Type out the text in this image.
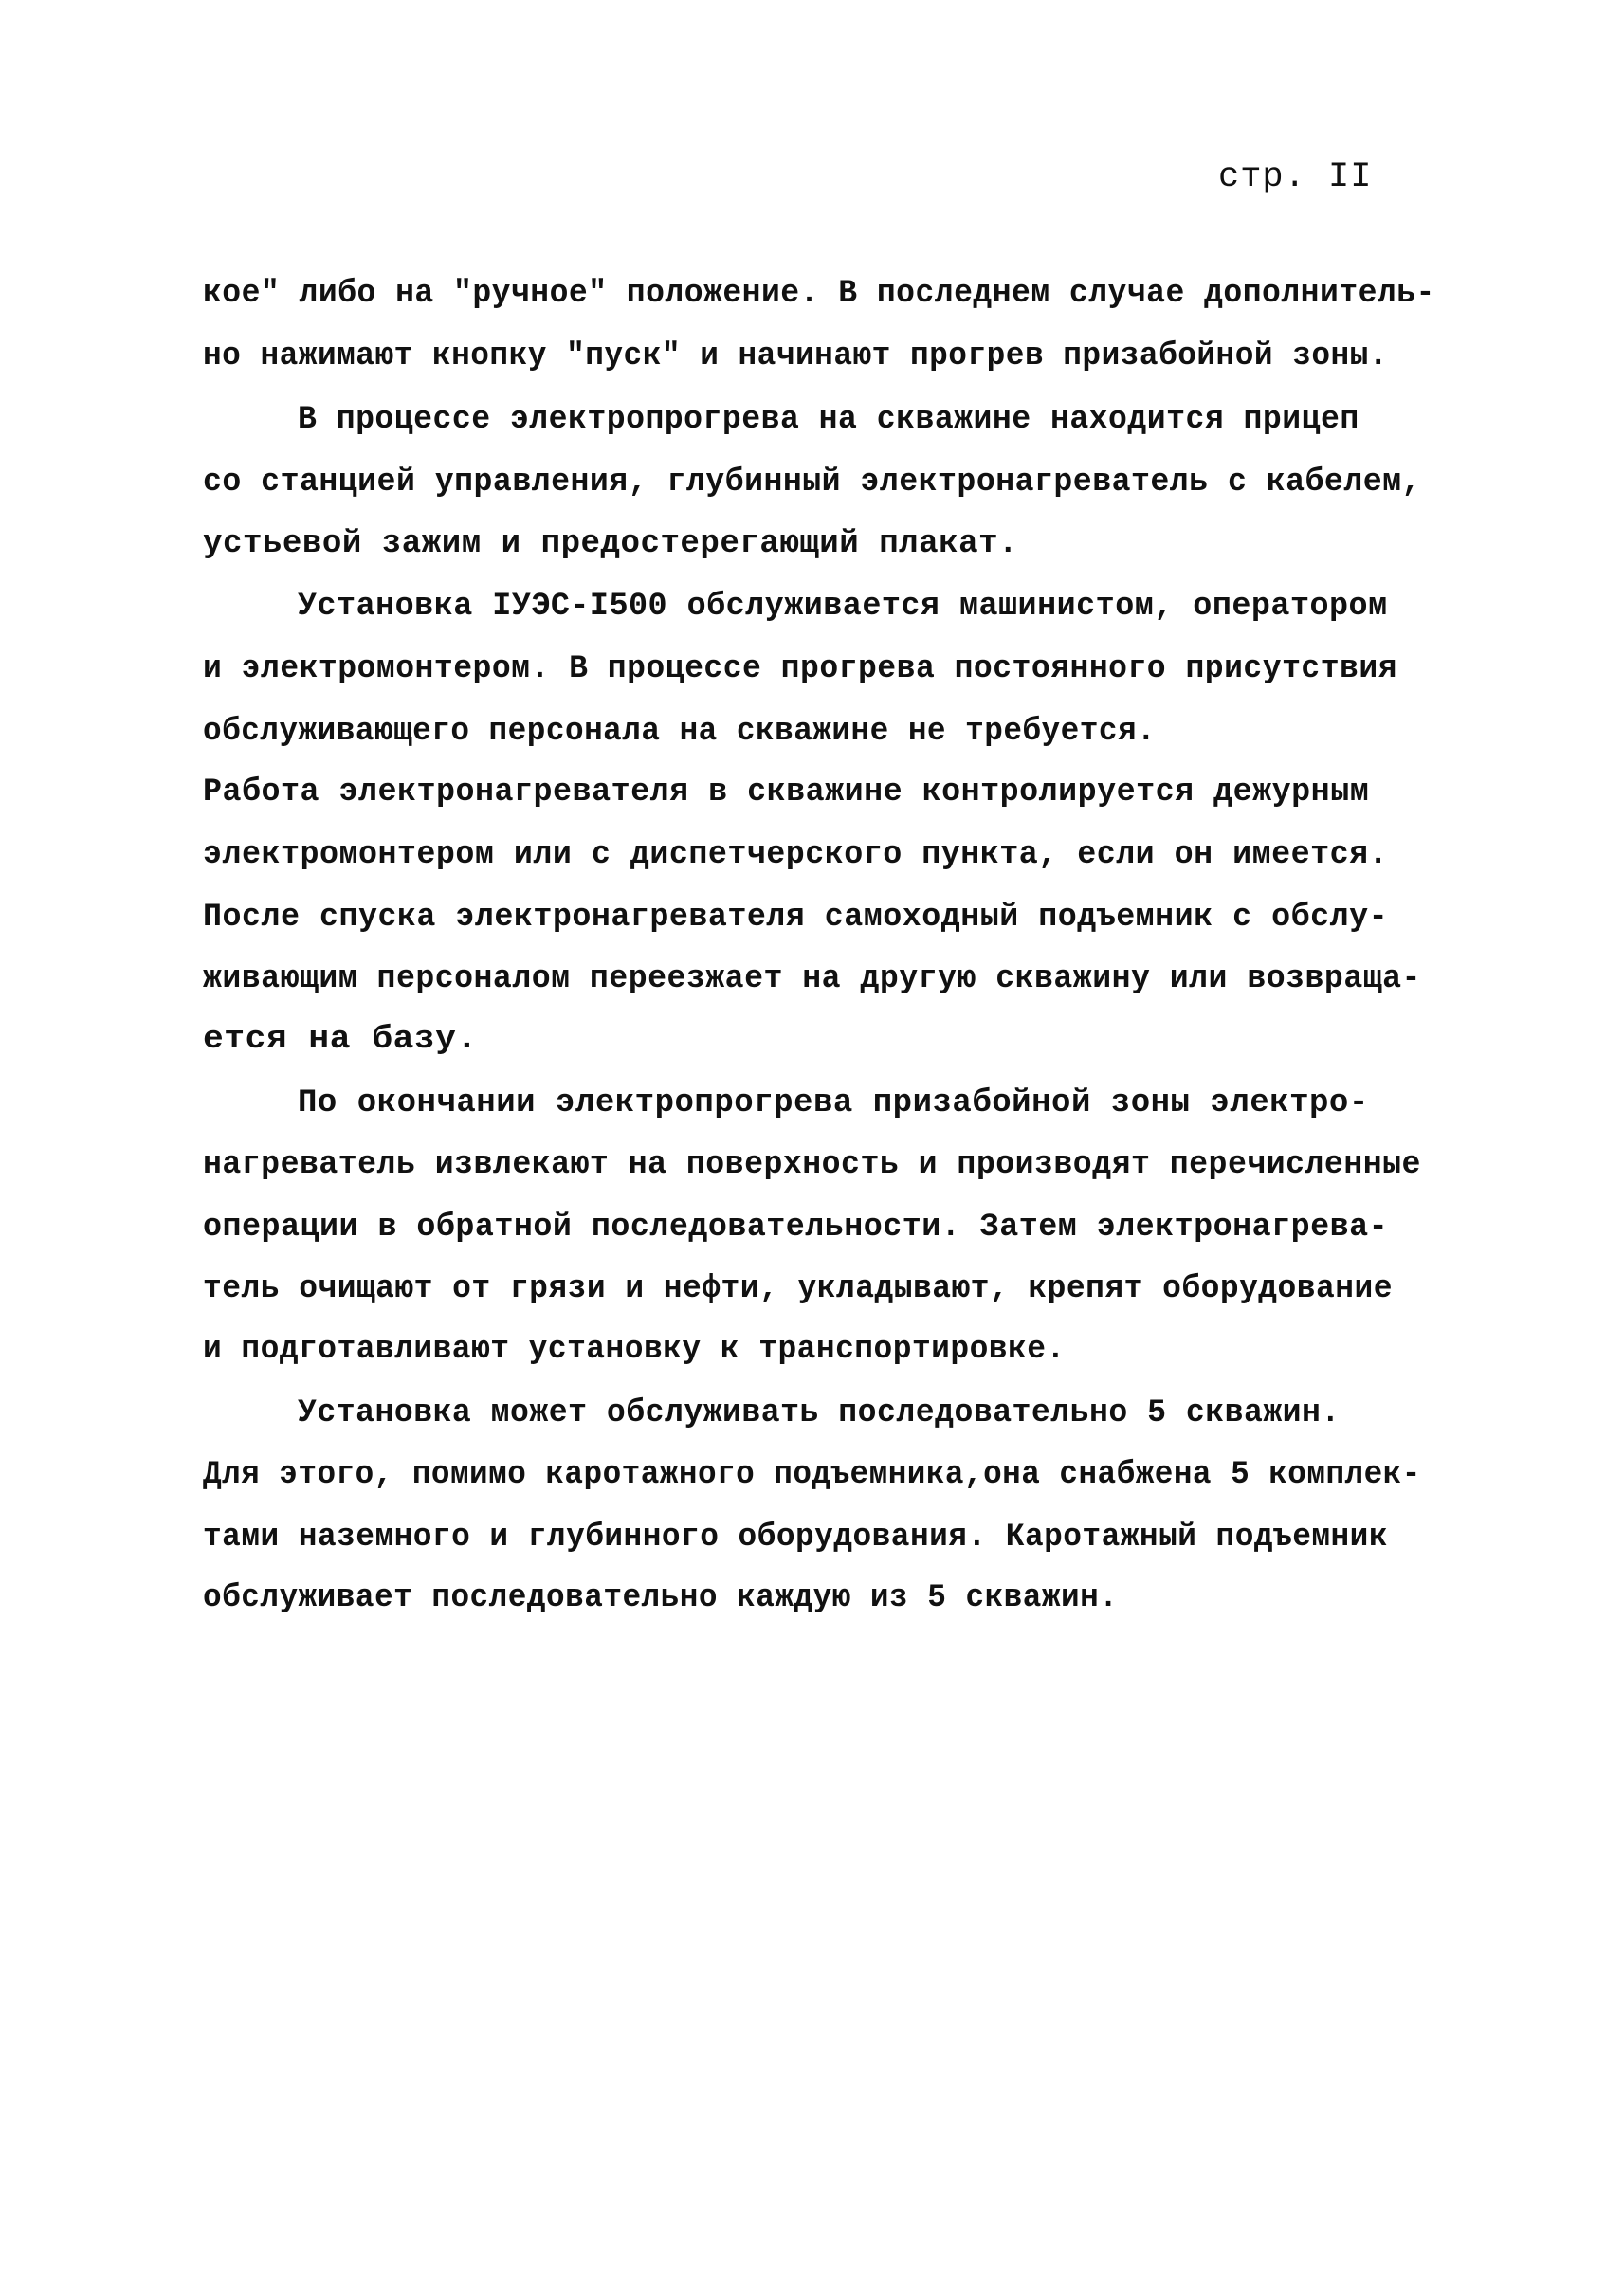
стр. II
кое" либо на "ручное" положение. В последнем случае дополнитель-
но нажимают кнопку "пуск" и начинают прогрев призабойной зоны.
В процессе электропрогрева на скважине находится прицеп
со станцией управления, глубинный электронагреватель с кабелем,
устьевой зажим и предостерегающий плакат.
Установка IУЭС-I500 обслуживается машинистом, оператором
и электромонтером. В процессе прогрева постоянного присутствия
обслуживающего персонала на скважине не требуется.
Работа электронагревателя в скважине контролируется дежурным
электромонтером или с диспетчерского пункта, если он имеется.
После спуска электронагревателя самоходный подъемник с обслу-
живающим персоналом переезжает на другую скважину или возвраща-
ется на базу.
По окончании электропрогрева призабойной зоны электро-
нагреватель извлекают на поверхность и производят перечисленные
операции в обратной последовательности. Затем электронагрева-
тель очищают от грязи и нефти, укладывают, крепят оборудование
и подготавливают установку к транспортировке.
Установка может обслуживать последовательно 5 скважин.
Для этого, помимо каротажного подъемника,она снабжена 5 комплек-
тами наземного и глубинного оборудования. Каротажный подъемник
обслуживает последовательно каждую из 5 скважин.
